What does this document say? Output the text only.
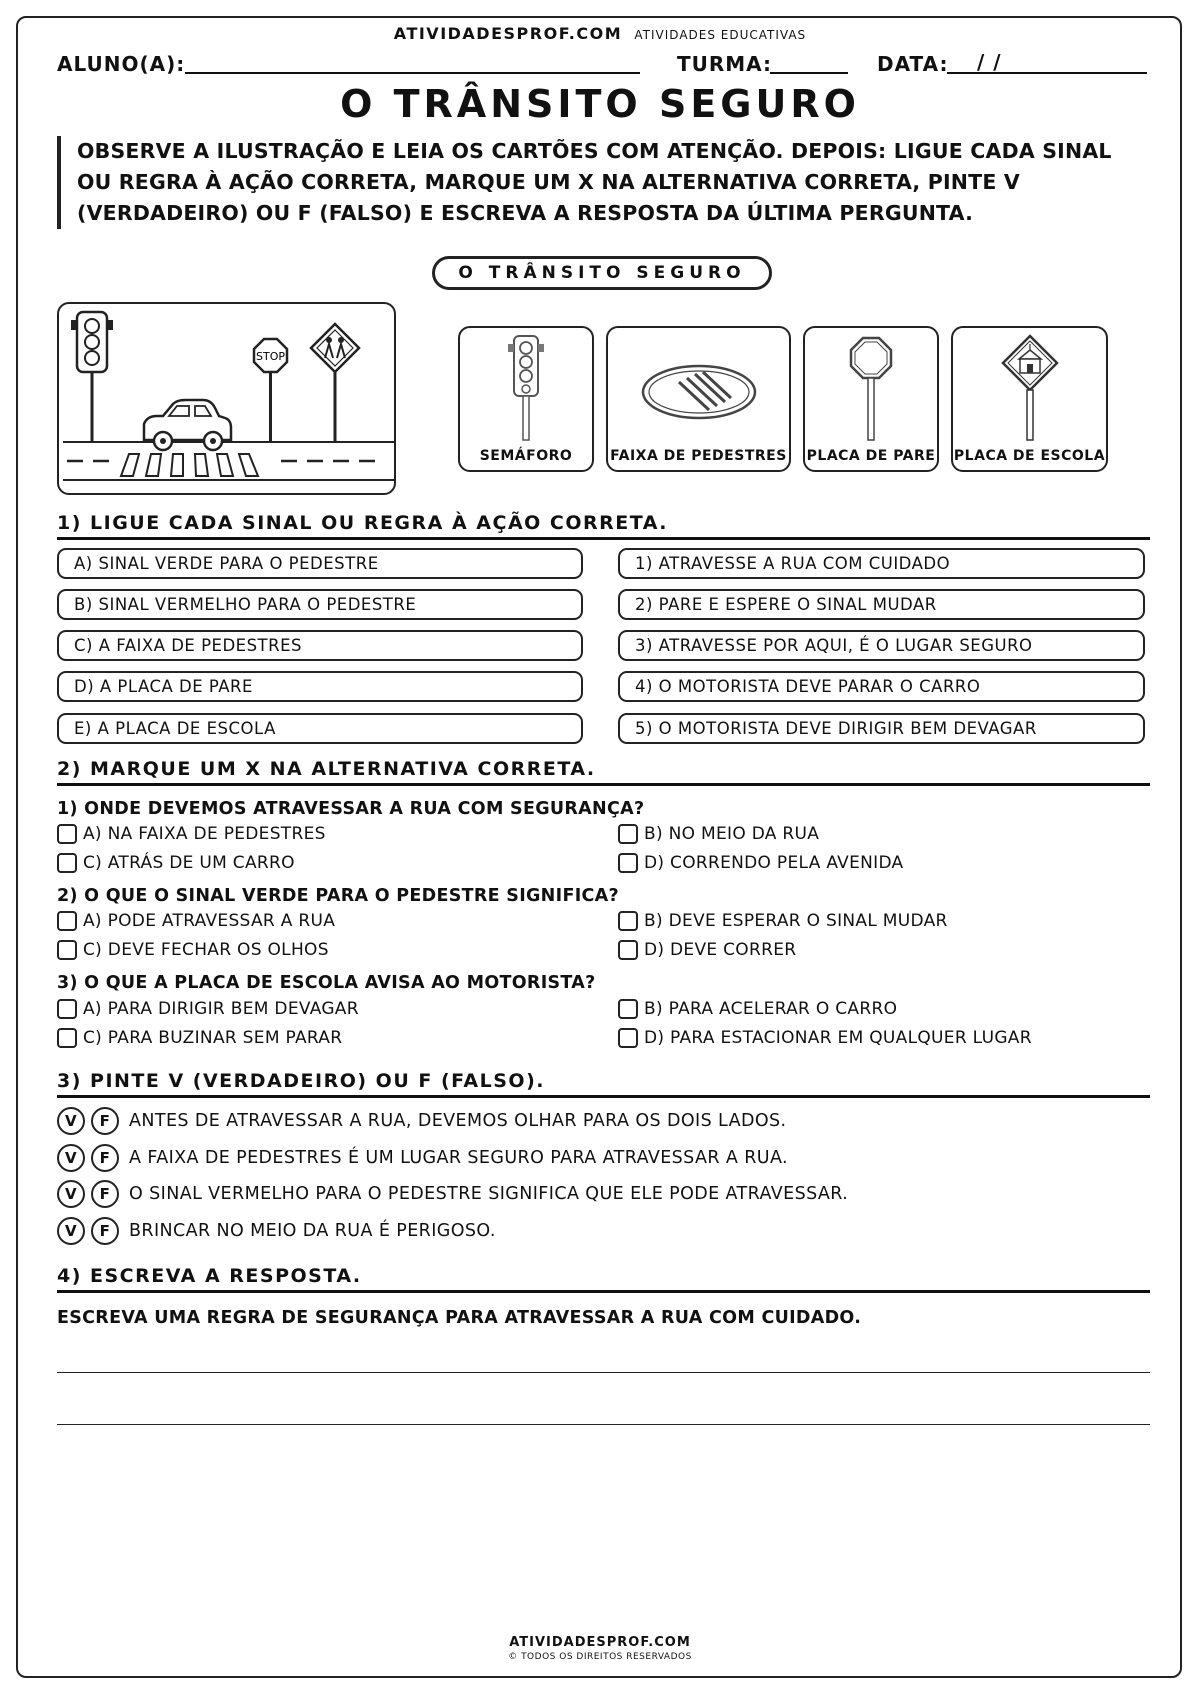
ATIVIDADESPROF.COM ATIVIDADES EDUCATIVAS
ALUNO(A):	TURMA:	DATA: / /
O TRÂNSITO SEGURO
OBSERVE A ILUSTRAÇÃO E LEIA OS CARTÕES COM ATENÇÃO. DEPOIS: LIGUE CADA SINAL OU REGRA À AÇÃO CORRETA, MARQUE UM X NA ALTERNATIVA CORRETA, PINTE V (VERDADEIRO) OU F (FALSO) E ESCREVA A RESPOSTA DA ÚLTIMA PERGUNTA.
O TRÂNSITO SEGURO
STOP
SEMÁFORO	FAIXA DE PEDESTRES PLACA DE PARE PLACA DE ESCOLA
1) LIGUE CADA SINAL OU REGRA À AÇÃO CORRETA.
A) SINAL VERDE PARA O PEDESTRE
B) SINAL VERMELHO PARA O PEDESTRE
C) A FAIXA DE PEDESTRES
D) A PLACA DE PARE
E) A PLACA DE ESCOLA
1) ATRAVESSE A RUA COM CUIDADO
2) PARE E ESPERE O SINAL MUDAR
3) ATRAVESSE POR AQUI, É O LUGAR SEGURO
4) O MOTORISTA DEVE PARAR O CARRO
5) O MOTORISTA DEVE DIRIGIR BEM DEVAGAR
2) MARQUE UM X NA ALTERNATIVA CORRETA.
1) ONDE DEVEMOS ATRAVESSAR A RUA COM SEGURANÇA?
A) NA FAIXA DE PEDESTRES	B) NO MEIO DA RUA
C) ATRÁS DE UM CARRO	D) CORRENDO PELA AVENIDA
2) O QUE O SINAL VERDE PARA O PEDESTRE SIGNIFICA?
A) PODE ATRAVESSAR A RUA	B) DEVE ESPERAR O SINAL MUDAR
C) DEVE FECHAR OS OLHOS	D) DEVE CORRER
3) O QUE A PLACA DE ESCOLA AVISA AO MOTORISTA?
A) PARA DIRIGIR BEM DEVAGAR	B) PARA ACELERAR O CARRO
C) PARA BUZINAR SEM PARAR	D) PARA ESTACIONAR EM QUALQUER LUGAR
3) PINTE V (VERDADEIRO) OU F (FALSO).
V F ANTES DE ATRAVESSAR A RUA, DEVEMOS OLHAR PARA OS DOIS LADOS.
V F A FAIXA DE PEDESTRES É UM LUGAR SEGURO PARA ATRAVESSAR A RUA.
V F O SINAL VERMELHO PARA O PEDESTRE SIGNIFICA QUE ELE PODE ATRAVESSAR.
V F BRINCAR NO MEIO DA RUA É PERIGOSO.
4) ESCREVA A RESPOSTA.
ESCREVA UMA REGRA DE SEGURANÇA PARA ATRAVESSAR A RUA COM CUIDADO.
ATIVIDADESPROF.COM
© TODOS OS DIREITOS RESERVADOS
